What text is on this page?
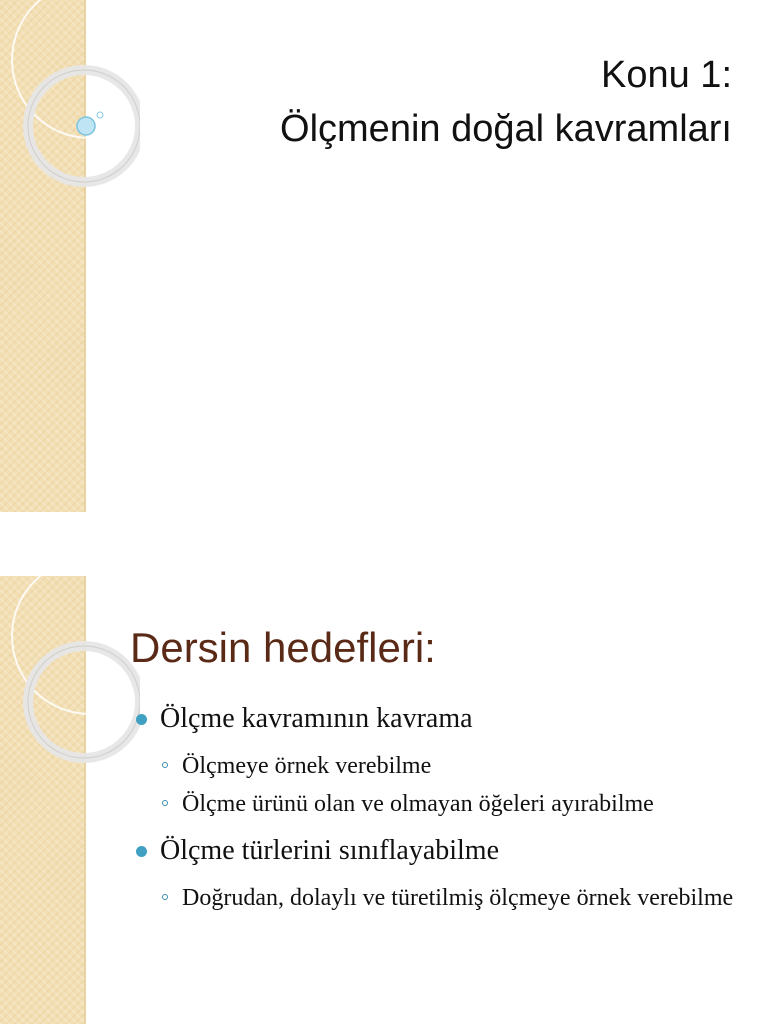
Konu 1:
Ölçmenin doğal kavramları
Dersin hedefleri:
Ölçme kavramının kavrama
Ölçmeye örnek verebilme
Ölçme ürünü olan ve olmayan öğeleri ayırabilme
Ölçme türlerini sınıflayabilme
Doğrudan, dolaylı ve türetilmiş ölçmeye örnek verebilme
